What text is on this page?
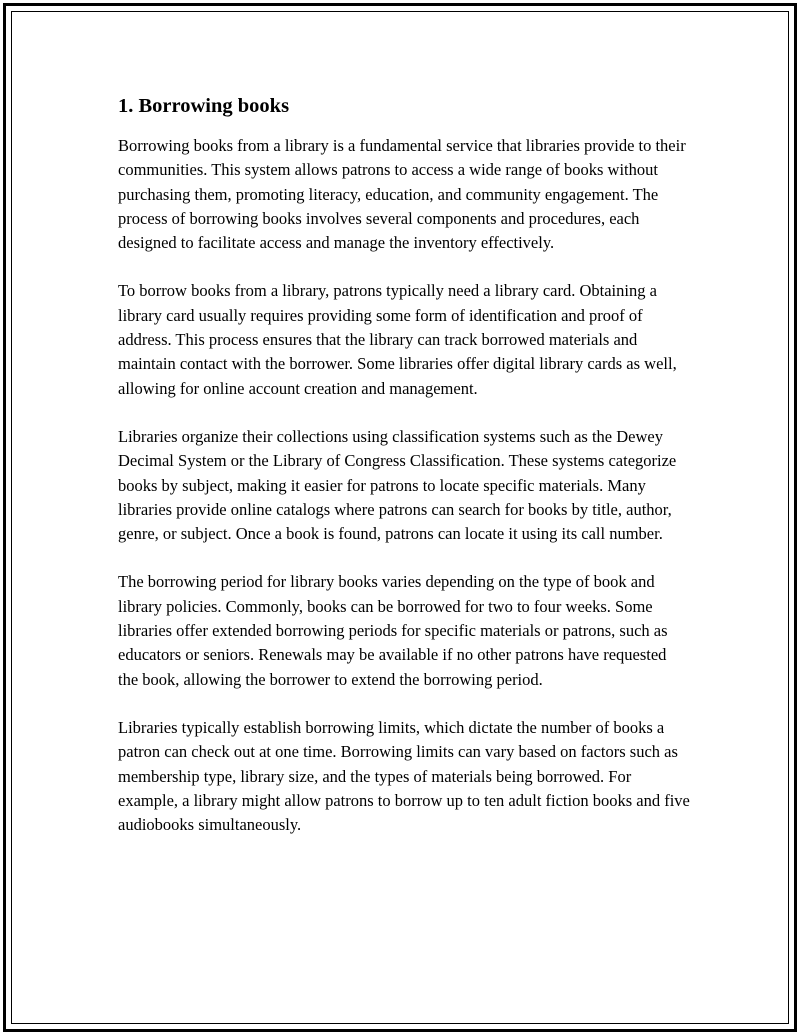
1. Borrowing books

Borrowing books from a library is a fundamental service that libraries provide to their communities. This system allows patrons to access a wide range of books without purchasing them, promoting literacy, education, and community engagement. The process of borrowing books involves several components and procedures, each designed to facilitate access and manage the inventory effectively.

To borrow books from a library, patrons typically need a library card. Obtaining a library card usually requires providing some form of identification and proof of address. This process ensures that the library can track borrowed materials and maintain contact with the borrower. Some libraries offer digital library cards as well, allowing for online account creation and management.

Libraries organize their collections using classification systems such as the Dewey Decimal System or the Library of Congress Classification. These systems categorize books by subject, making it easier for patrons to locate specific materials. Many libraries provide online catalogs where patrons can search for books by title, author, genre, or subject. Once a book is found, patrons can locate it using its call number.

The borrowing period for library books varies depending on the type of book and library policies. Commonly, books can be borrowed for two to four weeks. Some libraries offer extended borrowing periods for specific materials or patrons, such as educators or seniors. Renewals may be available if no other patrons have requested the book, allowing the borrower to extend the borrowing period.

Libraries typically establish borrowing limits, which dictate the number of books a patron can check out at one time. Borrowing limits can vary based on factors such as membership type, library size, and the types of materials being borrowed. For example, a library might allow patrons to borrow up to ten adult fiction books and five audiobooks simultaneously.
